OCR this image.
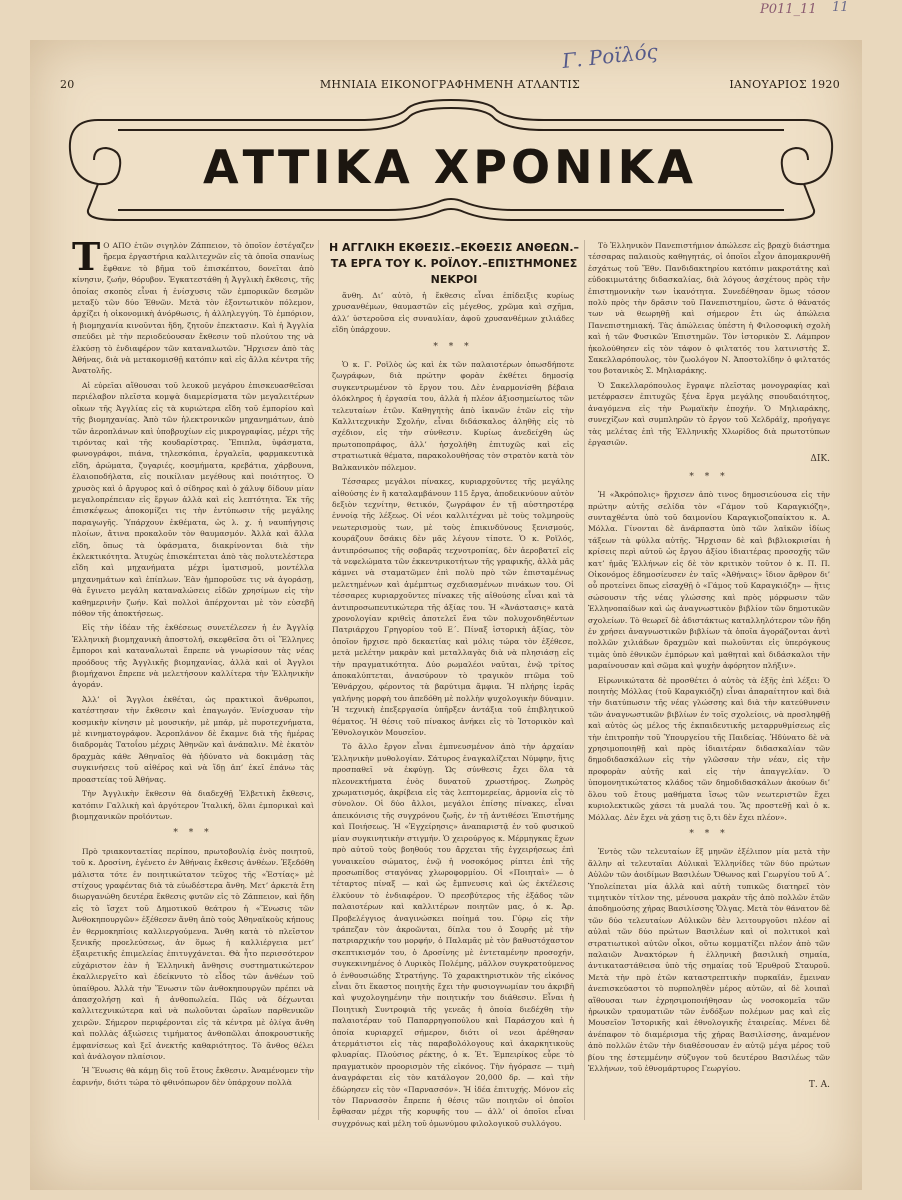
Γ. Ροϊλός
P011_11 11
20	ΜΗΝΙΑΙΑ ΕΙΚΟΝΟΓΡΑΦΗΜΕΝΗ ΑΤΛΑΝΤΙΣ	ΙΑΝΟΥΑΡΙΟΣ 1920
ΑΤΤΙΚΑ ΧΡΟΝΙΚΑ
Η ΑΓΓΛΙΚΗ ΕΚΘΕΣΙΣ.–ΕΚΘΕΣΙΣ ΑΝΘΕΩΝ.–ΤΑ ΕΡΓΑ ΤΟΥ Κ. ΡΟΪΛΟΥ.–ΕΠΙΣΤΗΜΟΝΕΣ ΝΕΚΡΟΙ

Τ Ο ΑΠΟ ἐτῶν σιγηλὸν Ζάππειον, τὸ ὁποῖον ἐστέγαζεν ἤρεμα ἐργαστήρια καλλιτεχνῶν εἰς τὰ ὁποῖα σπανίως ἔφθανε τὸ βῆμα τοῦ ἐπισκέπτου, δονεῖται ἀπὸ κίνησιν, ζωήν, θόρυβον. Ἐγκατεστάθη ἡ Ἀγγλικὴ ἔκθεσις, τῆς ὁποίας σκοπὸς εἶναι ἡ ἐνίσχυσις τῶν ἐμπορικῶν δεσμῶν μεταξὺ τῶν δύο Ἐθνῶν. Μετὰ τὸν ἐξοντωτικὸν πόλεμον, ἀρχίζει ἡ οἰκονομικὴ ἀνόρθωσις, ἡ ἀλληλεγγύη. Τὸ ἐμπόριον, ἡ βιομηχανία κινοῦνται ἤδη, ζητοῦν ἐπεκτασιν. Καὶ ἡ Ἀγγλία σπεύδει μὲ τὴν περιοδεύουσαν ἔκθεσιν τοῦ πλούτου της νὰ ἑλκύσῃ τὸ ἐνδιαφέρον τῶν καταναλωτῶν. Ἤρχισεν ἀπὸ τὰς Ἀθήνας, διὰ νὰ μετακομισθῇ κατόπιν καὶ εἰς ἄλλα κέντρα τῆς Ἀνατολῆς.

Αἱ εὐρεῖαι αἴθουσαι τοῦ λευκοῦ μεγάρου ἐπισκευασθεῖσαι περιέλαβον πλεῖστα κομψὰ διαμερίσματα τῶν μεγαλειτέρων οἴκων τῆς Ἀγγλίας εἰς τὰ κυριώτερα εἴδη τοῦ ἐμπορίου καὶ τῆς βιομηχανίας. Ἀπὸ τῶν ἠλεκτρονικῶν μηχανημάτων, ἀπὸ τῶν ἀεροπλάνων καὶ ὑποβρυχίων εἰς μικρογραφίας, μέχρι τῆς τιρόντας καὶ τῆς κουδαρίστρας. Ἔπιπλα, ὑφάσματα, φωνογράφοι, πιάνα, τηλεσκόπια, ἐργαλεῖα, φαρμακευτικὰ εἴδη, ἀρώματα, ζυγαριές, κοσμήματα, κρεβάτια, χάρβουνα, ἐλαιοποδήλατα, εἰς ποικίλιαν μεγέθους καὶ ποιότητος. Ὁ χρυσὸς καὶ ὁ ἄργυρος καὶ ὁ σίδηρος καὶ ὁ χάλυψ δίδουν μίαν μεγαλοπρέπειαν εἰς ἔργων ἀλλὰ καὶ εἰς λεπτότητα. Ἐκ τῆς ἐπισκέψεως ἀποκομίζει τις τὴν ἐντύπωσιν τῆς μεγάλης παραγωγῆς. Ὑπάρχουν ἐκθέματα, ὡς λ. χ. ἡ ναυπήγησις πλοίων, ἄτινα προκαλοῦν τὸν θαυμασμόν. Ἀλλὰ καὶ ἄλλα εἴδη, ὅπως τὰ ὑφάσματα, διακρίνονται διὰ τὴν ἐκλεκτικότητα. Ἀτυχὼς ἐπισκέπτεται ἀπὸ τὰς πολυτελέστερα εἴδη καὶ μηχανήματα μέχρι ἰματισμοῦ, μοντέλλα μηχανημάτων καὶ ἐπίπλων. Ἐὰν ἠμποροῦσε τις νὰ ἀγοράσῃ, θὰ ἔγινετο μεγάλη καταναλώσεις εἰδῶν χρησίμων εἰς τὴν καθημερινὴν ζωήν. Καὶ πολλοὶ ἀπέρχονται μὲ τὸν εὐσεβῆ πόθον τῆς ἀποκτήσεως.

Εἰς τὴν ἰδέαν τῆς ἐκθέσεως συνετέλεσεν ἡ ἐν Ἀγγλίᾳ Ἑλληνικὴ βιομηχανικὴ ἀποστολή, σκεφθεῖσα ὅτι οἱ Ἕλληνες ἔμποροι καὶ καταναλωταὶ ἔπρεπε νὰ γνωρίσουν τὰς νέας προόδους τῆς Ἀγγλικῆς βιομηχανίας, ἀλλὰ καὶ οἱ Ἀγγλοι βιομήχανοι ἔπρεπε νὰ μελετήσουν καλλίτερα τὴν Ἑλληνικὴν ἀγοράν.

Ἀλλ’ οἱ Ἄγγλοι ἐκθέται, ὡς πρακτικοὶ ἄνθρωποι, κατέστησαν τὴν ἔκθεσιν καὶ ἐπαγωγόν. Ἐνίσχυσαν τὴν κοσμικὴν κίνησιν μὲ μουσικήν, μὲ μπάρ, μὲ πυροτεχνήματα, μὲ κινηματογράφον. Ἀεροπλάνον δὲ ἔκαμνε διὰ τῆς ἡμέρας διαδρομὰς Τατοΐου μέχρις Ἀθηνῶν καὶ ἀνάπαλιν. Μὲ ἐκατὸν δραχμὰς κάθε Ἀθηναῖος θὰ ἠδύνατο νὰ δοκιμάσῃ τὰς συγκινήσεις τοῦ αἰθέρος καὶ νὰ ἴδῃ ἀπ’ ἐκεῖ ἐπάνω τὰς προαστείας τοῦ Ἀθήνας.

Τὴν Ἀγγλικὴν ἔκθεσιν θὰ διαδεχθῇ Ἑλβετικὴ ἔκθεσις, κατόπιν Γαλλικὴ καὶ ἀργότερον Ἰταλική, ὅλαι ἐμπορικαὶ καὶ βιομηχανικῶν προϊόντων.

* * *

Πρὸ τριακονταετίας περίπου, πρωτοβουλίᾳ ἑνὸς ποιητοῦ, τοῦ κ. Δροσίνη, ἐγένετο ἐν Ἀθήναις ἔκθεσις ἀνθέων. Ἐξεδόθη μάλιστα τότε ἐν ποιητικώτατον τεῦχος τῆς «Ἑστίας» μὲ στίχους γραφέντας διὰ τὰ εὐωδέστερα ἄνθη. Μετ’ ἀρκετὰ ἔτη διωργανώθη δευτέρα ἔκθεσις φυτῶν εἰς τὸ Ζάππειον, καὶ ἤδη εἰς τὸ ἴσχετ τοῦ Δημοτικοῦ θεάτρου ἡ «Ἕνωσις τῶν Ἀνθοκηπουργῶν» ἐξέθεσεν ἄνθη ἀπὸ τοὺς Ἀθηναϊκοὺς κήπους ἐν θερμοκηπίοις καλλιεργούμενα. Ἄνθη κατὰ τὸ πλεῖστον ξενικῆς προελεύσεως, ἀν ὅμως ἡ καλλιέργεια μετ’ ἐξαιρετικῆς ἐπιμελείας ἐπιτυγχάνεται. Θὰ ἦτο περισσότερον εὐχάριστον ἐὰν ἡ Ἑλληνικὴ ἄνθησις συστηματικώτερον ἐκαλλιεργεῖτο καὶ ἐδείκνυτο τὸ εἶδος τῶν ἀνθέων τοῦ ὑπαίθρου. Ἀλλὰ τὴν Ἕνωσιν τῶν ἀνθοκηπουργῶν πρέπει νὰ ἀπασχολήσῃ καὶ ἡ ἀνθοπωλεία. Πῶς νὰ δέχωνται καλλιτεχνικώτερα καὶ νὰ πωλοῦνται ὡραῖων παρθενικῶν χειρῶν. Σήμερον περιφέρονται εἰς τὰ κέντρα μὲ ὀλίγα ἄνθη καὶ πολλὰς ἀξιώσεις τιμήματος ἀνθοπῶλαι ἀποκρουστικῆς ἐμφανίσεως καὶ ξεῖ ἀνεκτῆς καθαριότητος. Τὸ ἄνθος θέλει καὶ ἀνάλογον πλαίσιον.

Ἡ Ἕνωσις θὰ κάμῃ δὶς τοῦ ἔτους ἔκθεσιν. Ἀναμένομεν τὴν ἐαρινήν, διότι τώρα τὸ φθινόπωρον δὲν ὑπάρχουν πολλὰ

ἄνθη. Δι’ αὐτὸ, ἡ ἔκθεσις εἶναι ἐπίδειξις κυρίως χρυσανθέμων, θαυμαστῶν εἰς μέγεθος, χρῶμα καὶ σχῆμα, ἀλλ’ ὑστεροῦσα εἰς συναυλίαν, ἀφοῦ χρυσανθέμων χιλιάδες εἴδη ὑπάρχουν.

* * *

Ὁ κ. Γ. Ροϊλὸς ὡς καὶ ἐκ τῶν παλαιοτέρων ὁπωσδήποτε ζωγράφων, διὰ πρώτην φορὰν ἐκθέτει δημοσίᾳ συγκεντρωμένον τὸ ἔργον του. Δὲν ἐναρμονίσθη βέβαια ὁλόκληρος ἡ ἐργασία του, ἀλλὰ ἡ πλέον ἀξιοσημείωτος τῶν τελευταίων ἐτῶν. Καθηγητὴς ἀπὸ ἱκανῶν ἐτῶν εἰς τὴν Καλλιτεχνικὴν Σχολήν, εἶναι διδάσκαλος ἀληθὴς εἰς τὸ σχέδιον, εἰς τὴν σύνθεσιν. Κυρίως ἀνεδείχθη ὡς πρωτοποπράφος, ἀλλ’ ἠσχολήθη ἐπιτυχῶς καὶ εἰς στρατιωτικὰ θέματα, παρακολουθήσας τὸν στρατὸν κατὰ τὸν Βαλκανικὸν πόλεμον.

Τέσσαρες μεγάλοι πίνακες, κυριαρχοῦντες τῆς μεγάλης αἰθούσης ἐν ἣ καταλαμβάνουν 115 ἔργα, ἀποδεικνύουν αὐτὸν δεξιὸν τεχνίτην, θετικόν, ζωγράφον ἐν τῇ αὐστηροτέρᾳ ἐννοίᾳ τῆς λέξεως. Οἱ νέοι καλλιτέχναι μὲ τοὺς τολμηροὺς νεωτερισμοὺς των, μὲ τοὺς ἐπικινδύνους ξενισμούς, κουράζουν ὅσάκις δὲν μᾶς λέγουν τίποτε. Ὁ κ. Ροϊλός, ἀντιπρόσωπος τῆς σοβαρᾶς τεχνοτροπίας, δὲν ἀεροβατεῖ εἰς τὰ νεφελώματα τῶν ἐκκεντρικοτήτων τῆς γραφικῆς, ἀλλὰ μᾶς κάμνει νὰ σταματῶμεν ἐπὶ πολὺ πρὸ τῶν ἐπισταμένως μελετημένων καὶ ἀμέμπτως σχεδιασμένων πινάκων του. Οἱ τέσσαρες κυριαρχοῦντες πίνακες τῆς αἰθούσης εἶναι καὶ τὰ ἀντιπροσωπευτικώτερα τῆς ἀξίας του. Ἡ «Ἀνάστασις» κατὰ χρονολογίαν κριθεὶς ἀποτελεῖ ἕνα τῶν πολυχονδηθέντων Πατριάρχου Γρηγορίου τοῦ Ε΄. Πίναξ ἱστορικὴ ἀξίας, τὸν ὁποῖον ἤρχισε πρὸ δεκαετίας καὶ μόλις τώρα τὸν ἐξέθεσε, μετὰ μελέτην μακρὰν καὶ μεταλλαγὰς διὰ νὰ πλησιάσῃ εἰς τὴν πραγματικότητα. Δύο ρωμαλέοι ναῦται, ἐνῷ τρίτος ἀποκαλύπτεται, ἀνασύρουν τὸ τραγικὸν πτῶμα τοῦ Ἐθνάρχου, φέροντος τὰ βαρύτιμα ἄμφια. Ἡ πλήρης ἱερᾶς γαλήνης μορφὴ του ἀπεδόθη μὲ πολλὴν ψυχολογικὴν δύναμιν. Ἡ τεχνικὴ ἐπεξεργασία ὑπῆρξεν ἀντάξια τοῦ ἐπιβλητικοῦ θέματος. Ἡ θέσις τοῦ πίνακος ἀνήκει εἰς τὸ Ἱστορικὸν καὶ Ἐθνολογικὸν Μουσεῖον.

Τὸ ἄλλο ἔργον εἶναι ἐμπνευσμένον ἀπὸ τὴν ἀρχαίαν Ἑλληνικὴν μυθολογίαν. Σάτυρος ἐναγκαλίζεται Νύμφην, ἥτις προσπαθεῖ νὰ ἐκφύγῃ. Ὡς σύνθεσις ἔχει ὅλα τὰ πλεονεκτήματα ἑνὸς δυνατοῦ χρωστήρος. Ζωηρὸς χρωματισμός, ἀκρίβεια εἰς τὰς λεπτομερείας, ἁρμονία εἰς τὸ σύνολον. Οἱ δύο ἄλλοι, μεγάλοι ἐπίσης πίνακες, εἶναι ἀπεικόνισις τῆς συγχρόνου ζωῆς, ἐν τῇ ἀντιθέσει Ἐπιστήμης καὶ Ποιήσεως. Ἡ «Ἐγχείρησις» ἀναπαριστᾷ ἐν τοῦ φυσικοῦ μίαν συγκινητικὴν στιγμήν. Ὁ χειρούργος κ. Μέρμηγκας ἔχων πρὸ αὐτοῦ τοὺς βοηθούς του ἄρχεται τῆς ἐγχειρήσεως ἐπὶ γυναικείου σώματος, ἐνῷ ἡ νοσοκόμος ρίπτει ἐπὶ τῆς προσωπίδος σταγόνας χλωροφορμίου. Οἱ «Ποιηταὶ» — ὁ τέταρτος πίναξ — καὶ ὡς ἔμπνευσις καὶ ὡς ἐκτέλεσις ἑλκύουν τὸ ἐνδιαφέρον. Ὁ πρεσβύτερος τῆς ἑξάδος τῶν παλαιοτέρων καὶ καλλιτέρων ποιητῶν μας, ὁ κ. Ἀρ. Προβελέγγιος ἀναγινώσκει ποίημά του. Γύρῳ εἰς τὴν τράπεζαν τὸν ἀκροῶνται, δίπλα του ὁ Σουρῆς μὲ τὴν πατριαρχικήν του μορφήν, ὁ Παλαμᾶς μὲ τὸν βαθυστόχαστον σκεπτικισμόν του, ὁ Δροσίνης μὲ ἐντεταμένην προσοχήν, συγκεκινημένος ὁ Λυρικὸς Πολέμης, μᾶλλον συγκρατούμενος ὁ ἐνθουσιώδης Στρατήγης. Τὸ χαρακτηριστικὸν τῆς εἰκόνος εἶναι ὅτι ἕκαστος ποιητὴς ἔχει τὴν φυσιογνωμίαν του ἀκριβῆ καὶ ψυχολογημένην τὴν ποιητικήν του διάθεσιν. Εἶναι ἡ Ποιητικὴ Συντροφιὰ τῆς γενεᾶς ἡ ὁποία διεδέχθη τὴν παλαιοτέραν τοῦ Παπαρρηγοπούλου καὶ Παράσχου καὶ ἡ ὁποία κυριαρχεῖ σήμερον, διότι οἱ νεοι ἀρέθησαν ἀτερμάτιστοι εἰς τὰς παραβολόλογους καὶ ἀκαρκητικοὺς φλυαρίας. Πλούσιος ρέκτης, ὁ κ. Ἐτ. Ἐμπειρίκος εὗρε τὸ πραγματικὸν προορισμὸν τῆς εἰκόνος. Τὴν ἠγόρασε — τιμὴ ἀναγράφεται εἰς τὸν κατάλογον 20,000 δρ. — καὶ τὴν ἐδώρησεν εἰς τὸν «Παρνασσόν». Ἡ ἰδέα ἐπιτυχής. Μόνον εἰς τὸν Παρνασσὸν ἔπρεπε ἡ θέσις τῶν ποιητῶν οἱ ὁποῖοι ἔφθασαν μέχρι τῆς κορυφῆς του — ἀλλ’ οἱ ὁποῖοι εἶναι συγχρόνως καὶ μέλη τοῦ ὁμωνύμου φιλολογικοῦ συλλόγου.

Τὸ Ἑλληνικὸν Πανεπιστήμιον ἀπώλεσε εἰς βραχὺ διάστημα τέσσαρας παλαιοὺς καθηγητάς, οἱ ὁποῖοι εἶχον ἀπομακρυνθῆ ἐσχάτως τοῦ Ἔθν. Πανδιδακτηρίου κατόπιν μακροτάτης καὶ εὐδοκιμωτάτης διδασκαλίας, διὰ λόγους ἀσχέτους πρὸς τὴν ἐπιστημονικὴν των ἱκανότητα. Συνεδέθησαν ὅμως τόσον πολὺ πρὸς τὴν δρᾶσιν τοῦ Πανεπιστημίου, ὥστε ὁ θάνατός των νὰ θεωρηθῇ καὶ σήμερον ἔτι ὡς ἀπώλεια Πανεπιστημιακή. Τὰς ἀπώλειας ὑπέστη ἡ Φιλοσοφικὴ σχολὴ καὶ ἡ τῶν Φυσικῶν Ἐπιστημῶν. Τὸν ἱστορικὸν Σ. Λάμπρον ἠκολούθησεν εἰς τὸν τάφον ὁ φιλτατός του λατινιστὴς Σ. Σακελλαρόπουλος, τὸν ζωολόγον Ν. Ἀποστολίδην ὁ φιλτατός του βοτανικὸς Σ. Μηλιαράκης.

Ὁ Σακελλαρόπουλος ἔγραψε πλεῖστας μονογραφίας καὶ μετέφρασεν ἐπιτυχῶς ξένα ἔργα μεγάλης σπουδαιότητος, ἀναγόμενα εἰς τὴν Ρωμαϊκὴν ἐποχήν. Ὁ Μηλιαράκης, συνεχίζων καὶ συμπληρῶν τὸ ἔργον τοῦ Χελδράϊχ, προήγαγε τὰς μελέτας ἐπὶ τῆς Ἑλληνικῆς Χλωρίδος διὰ πρωτοτύπων ἐργασιῶν.

ΔΙΚ.
* * *

Ἡ «Ἀκρόπολις» ἤρχισεν ἀπὸ τινος δημοσιεύουσα εἰς τὴν πρώτην αὐτῆς σελίδα τὸν «Γάμον τοῦ Καραγκιόζη», συνταχθέντα ὑπὸ τοῦ δαιμονίου Καραγκιοζοπαίκτου κ. Α. Μόλλα. Γίνονται δὲ ἀνάρπαστα ὑπὸ τῶν λαϊκῶν ἰδίως τάξεων τὰ φύλλα αὐτῆς. Ἤρχισαν δὲ καὶ βιβλιοκρισίαι ἡ κρίσεις περὶ αὐτοῦ ὡς ἔργου ἀξίου ἰδιαιτέρας προσοχῆς τῶν κατ’ ἡμᾶς Ἑλλήνων εἰς δὲ τὸν κριτικὸν τοῦτον ὁ κ. Π. Π. Οἰκονόμος ἐδημοσίευσεν ἐν ταῖς «Ἀθήναις» ἴδιον ἄρθρον δι’ οὗ προτείνει ὅπως εἰσαχθῇ ὁ «Γάμος τοῦ Καραγκιόζη» — ἥτις σώσουσιν τῆς νέας γλώσσης καὶ πρὸς μόρφωσιν τῶν Ἑλληνοπαίδων καὶ ὡς ἀναγνωστικὸν βιβλίον τῶν δημοτικῶν σχολείων. Τὸ θεωρεῖ δὲ ἀδιστάκτως καταλληλότερον τῶν ἤδη ἐν χρήσει ἀναγνωστικῶν βιβλίων τὰ ὁποῖα ἀγοράζονται ἀντὶ πολλῶν χιλιάδων δραχμῶν καὶ πωλοῦνται εἰς ὑπερόγκους τιμὰς ὑπὸ ἐθνικῶν ἐμπόρων καὶ μαθηταὶ καὶ διδάσκαλοι τὴν μαραίνουσαν καὶ σῶμα καὶ ψυχὴν ἀφόρητον πλήξιν».

Εἰρωνικώτατα δὲ προσθέτει ὁ αὐτὸς τὰ ἑξῆς ἐπὶ λέξει: Ὁ ποιητὴς Μόλλας (τοῦ Καραγκιόζη) εἶναι ἀπαραίτητον καὶ διὰ τὴν διατύπωσιν τῆς νέας γλώσσης καὶ διὰ τὴν κατεύθυνσιν τῶν ἀναγνωστικῶν βιβλίων ἐν τοῖς σχολείοις, νὰ προσληφθῇ καὶ αὐτὸς ὡς μέλος τῆς ἐκπαιδευτικῆς μεταρρυθμίσεως εἰς τὴν ἐπιτροπὴν τοῦ Ὑπουργείου τῆς Παιδείας. Ἠδύνατο δὲ νὰ χρησιμοποιηθῇ καὶ πρὸς ἰδιαιτέραν διδασκαλίαν τῶν δημοδιδασκάλων εἰς τὴν γλῶσσαν τὴν νέαν, εἰς τὴν προφορὰν αὐτῆς καὶ εἰς τὴν ἀπαγγελίαν. Ὁ ὑπομονητικώτατος κλάδος τῶν δημοδιδασκάλων ἀκούων δι’ ὅλου τοῦ ἔτους μαθήματα ἴσως τῶν νεωτεριστῶν ἔχει κυριολεκτικῶς χάσει τὰ μυαλά του. Ἂς προστεθῇ καὶ ὁ κ. Μόλλας. Δὲν ἔχει νὰ χάσῃ τις ὅ,τι δὲν ἔχει πλέον».

* * *

Ἐντὸς τῶν τελευταίων ἓξ μηνῶν ἐξέλιπον μία μετὰ τὴν ἄλλην αἱ τελευταῖαι Αὐλικαὶ Ἑλληνίδες τῶν δύο πρώτων Αὐλῶν τῶν ἀοιδίμων Βασιλέων Ὄθωνος καὶ Γεωργίου τοῦ Α΄. Ὑπολείπεται μία ἀλλὰ καὶ αὐτὴ τυπικῶς διατηρεῖ τὸν τιμητικὸν τίτλον της, μένουσα μακρὰν τῆς ἀπὸ πολλῶν ἐτῶν ἀποδημούσης χήρας Βασιλίσσης Ὄλγας. Μετὰ τὸν θάνατον δὲ τῶν δύο τελευταίων Αὐλικῶν δὲν λειτουργοῦσι πλέον αἱ αὐλαὶ τῶν δύο πρώτων Βασιλέων καὶ οἱ πολιτικοὶ καὶ στρατιωτικοὶ αὐτῶν οἶκοι, οὕτω κομματίζει πλέον ἀπὸ τῶν παλαιῶν Ἀνακτόρων ἡ ἑλληνικὴ βασιλικὴ σημαία, ἀντικαταστάθεισα ὑπὸ τῆς σημαίας τοῦ Ἐρυθροῦ Σταυροῦ. Μετὰ τὴν πρὸ ἐτῶν καταστρεπτικὴν πυρκαϊάν, ἔμειναν ἀνεπισκεύαστοι τὸ πυρποληθὲν μέρος αὐτῶν, αἱ δὲ λοιπαὶ αἴθουσαι των ἐχρησιμοποιήθησαν ὡς νοσοκομεῖα τῶν ἡρωικῶν τραυματιῶν τῶν ἐνδόξων πολέμων μας καὶ εἰς Μουσεῖον Ἱστορικῆς καὶ ἐθνολογικῆς ἑταιρείας. Μένει δὲ ἀνέπαφον τὸ διαμέρισμα τῆς χήρας Βασιλίσσης, ἀναμένον ἀπὸ πολλῶν ἐτῶν τὴν διαθέσουσαν ἐν αὐτῷ μέγα μέρος τοῦ βίου της ἐστεμμένην σύζυγον τοῦ δευτέρου Βασιλέως τῶν Ἑλλήνων, τοῦ ἐθνομάρτυρος Γεωργίου.

Τ. Α.
